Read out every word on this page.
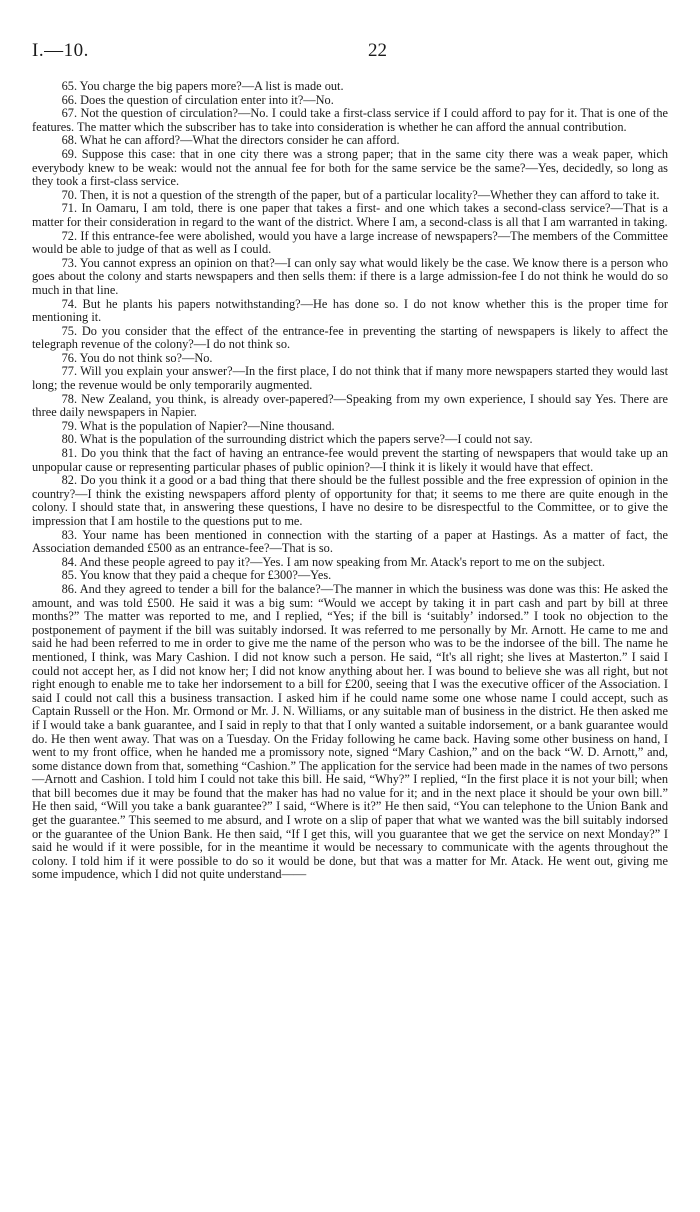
I.—10.	22

65. You charge the big papers more?—A list is made out.

66. Does the question of circulation enter into it?—No.

67. Not the question of circulation?—No. I could take a first-class service if I could afford to pay for it. That is one of the features. The matter which the subscriber has to take into consideration is whether he can afford the annual contribution.

68. What he can afford?—What the directors consider he can afford.

69. Suppose this case: that in one city there was a strong paper; that in the same city there was a weak paper, which everybody knew to be weak: would not the annual fee for both for the same service be the same?—Yes, decidedly, so long as they took a first-class service.

70. Then, it is not a question of the strength of the paper, but of a particular locality?—Whether they can afford to take it.

71. In Oamaru, I am told, there is one paper that takes a first- and one which takes a second-class service?—That is a matter for their consideration in regard to the want of the district. Where I am, a second-class is all that I am warranted in taking.

72. If this entrance-fee were abolished, would you have a large increase of newspapers?—The members of the Committee would be able to judge of that as well as I could.

73. You cannot express an opinion on that?—I can only say what would likely be the case. We know there is a person who goes about the colony and starts newspapers and then sells them: if there is a large admission-fee I do not think he would do so much in that line.

74. But he plants his papers notwithstanding?—He has done so. I do not know whether this is the proper time for mentioning it.

75. Do you consider that the effect of the entrance-fee in preventing the starting of newspapers is likely to affect the telegraph revenue of the colony?—I do not think so.

76. You do not think so?—No.

77. Will you explain your answer?—In the first place, I do not think that if many more newspapers started they would last long; the revenue would be only temporarily augmented.

78. New Zealand, you think, is already over-papered?—Speaking from my own experience, I should say Yes. There are three daily newspapers in Napier.

79. What is the population of Napier?—Nine thousand.

80. What is the population of the surrounding district which the papers serve?—I could not say.

81. Do you think that the fact of having an entrance-fee would prevent the starting of newspapers that would take up an unpopular cause or representing particular phases of public opinion?—I think it is likely it would have that effect.

82. Do you think it a good or a bad thing that there should be the fullest possible and the free expression of opinion in the country?—I think the existing newspapers afford plenty of opportunity for that; it seems to me there are quite enough in the colony. I should state that, in answering these questions, I have no desire to be disrespectful to the Committee, or to give the impression that I am hostile to the questions put to me.

83. Your name has been mentioned in connection with the starting of a paper at Hastings. As a matter of fact, the Association demanded £500 as an entrance-fee?—That is so.

84. And these people agreed to pay it?—Yes. I am now speaking from Mr. Atack's report to me on the subject.

85. You know that they paid a cheque for £300?—Yes.

86. And they agreed to tender a bill for the balance?—The manner in which the business was done was this: He asked the amount, and was told £500. He said it was a big sum: “Would we accept by taking it in part cash and part by bill at three months?” The matter was reported to me, and I replied, “Yes; if the bill is ‘suitably’ indorsed.” I took no objection to the postponement of payment if the bill was suitably indorsed. It was referred to me personally by Mr. Arnott. He came to me and said he had been referred to me in order to give me the name of the person who was to be the indorsee of the bill. The name he mentioned, I think, was Mary Cashion. I did not know such a person. He said, “It's all right; she lives at Masterton.” I said I could not accept her, as I did not know her; I did not know anything about her. I was bound to believe she was all right, but not right enough to enable me to take her indorsement to a bill for £200, seeing that I was the executive officer of the Association. I said I could not call this a business transaction. I asked him if he could name some one whose name I could accept, such as Captain Russell or the Hon. Mr. Ormond or Mr. J. N. Williams, or any suitable man of business in the district. He then asked me if I would take a bank guarantee, and I said in reply to that that I only wanted a suitable indorsement, or a bank guarantee would do. He then went away. That was on a Tuesday. On the Friday following he came back. Having some other business on hand, I went to my front office, when he handed me a promissory note, signed “Mary Cashion,” and on the back “W. D. Arnott,” and, some distance down from that, something “Cashion.” The application for the service had been made in the names of two persons—Arnott and Cashion. I told him I could not take this bill. He said, “Why?” I replied, “In the first place it is not your bill; when that bill becomes due it may be found that the maker has had no value for it; and in the next place it should be your own bill.” He then said, “Will you take a bank guarantee?” I said, “Where is it?” He then said, “You can telephone to the Union Bank and get the guarantee.” This seemed to me absurd, and I wrote on a slip of paper that what we wanted was the bill suitably indorsed or the guarantee of the Union Bank. He then said, “If I get this, will you guarantee that we get the service on next Monday?” I said he would if it were possible, for in the meantime it would be necessary to communicate with the agents throughout the colony. I told him if it were possible to do so it would be done, but that was a matter for Mr. Atack. He went out, giving me some impudence, which I did not quite understand——
